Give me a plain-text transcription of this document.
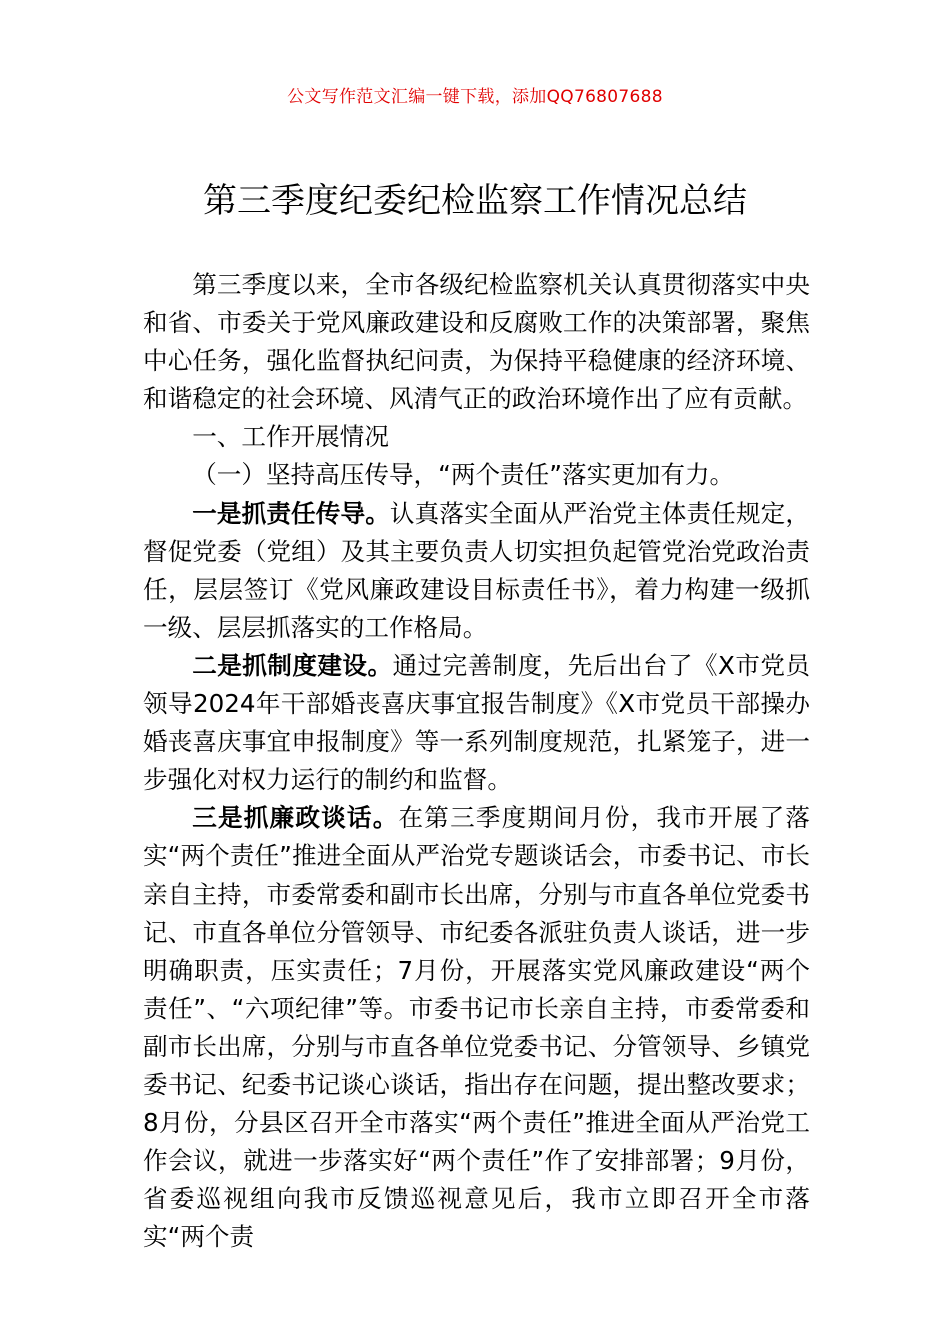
公文写作范文汇编一键下载，添加QQ76807688
第三季度纪委纪检监察工作情况总结

第三季度以来，全市各级纪检监察机关认真贯彻落实中央和省、市委关于党风廉政建设和反腐败工作的决策部署，聚焦中心任务，强化监督执纪问责，为保持平稳健康的经济环境、和谐稳定的社会环境、风清气正的政治环境作出了应有贡献。

一、工作开展情况

（一）坚持高压传导，“两个责任”落实更加有力。

一是抓责任传导。认真落实全面从严治党主体责任规定，督促党委（党组）及其主要负责人切实担负起管党治党政治责任，层层签订《党风廉政建设目标责任书》，着力构建一级抓一级、层层抓落实的工作格局。

二是抓制度建设。通过完善制度，先后出台了《X市党员领导2024年干部婚丧喜庆事宜报告制度》《X市党员干部操办婚丧喜庆事宜申报制度》等一系列制度规范，扎紧笼子，进一步强化对权力运行的制约和监督。

三是抓廉政谈话。在第三季度期间月份，我市开展了落实“两个责任”推进全面从严治党专题谈话会，市委书记、市长亲自主持，市委常委和副市长出席，分别与市直各单位党委书记、市直各单位分管领导、市纪委各派驻负责人谈话，进一步明确职责，压实责任；7月份，开展落实党风廉政建设“两个责任”、“六项纪律”等。市委书记市长亲自主持，市委常委和副市长出席，分别与市直各单位党委书记、分管领导、乡镇党委书记、纪委书记谈心谈话，指出存在问题，提出整改要求；8月份，分县区召开全市落实“两个责任”推进全面从严治党工作会议，就进一步落实好“两个责任”作了安排部署；9月份，省委巡视组向我市反馈巡视意见后，我市立即召开全市落实“两个责
